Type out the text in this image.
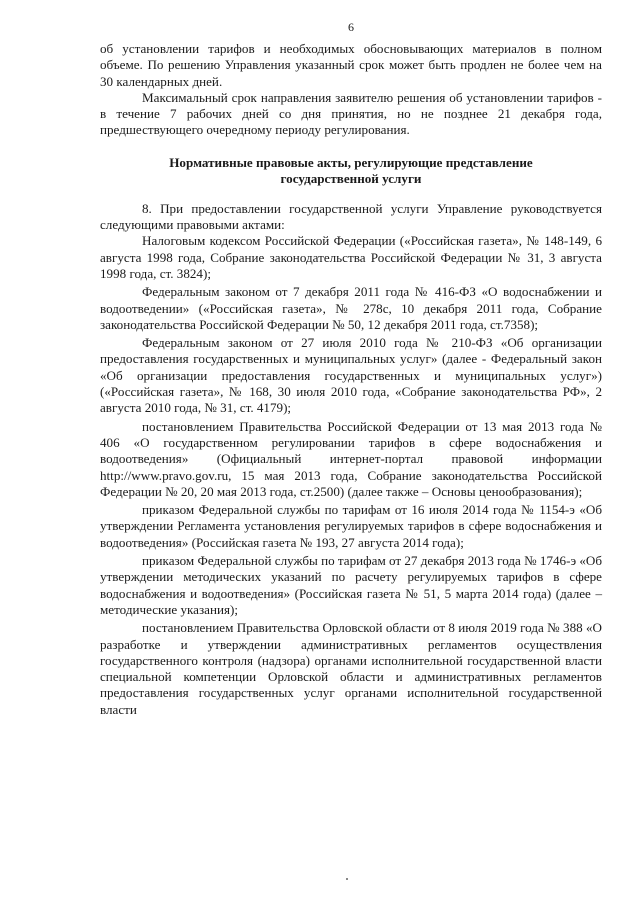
6

об установлении тарифов и необходимых обосновывающих материалов в полном объеме. По решению Управления указанный срок может быть продлен не более чем на 30 календарных дней.

Максимальный срок направления заявителю решения об установлении тарифов - в течение 7 рабочих дней со дня принятия, но не позднее 21 декабря года, предшествующего очередному периоду регулирования.

Нормативные правовые акты, регулирующие представление
государственной услуги

8. При предоставлении государственной услуги Управление руководствуется следующими правовыми актами:

Налоговым кодексом Российской Федерации («Российская газета», № 148-149, 6 августа 1998 года, Собрание законодательства Российской Федерации № 31, 3 августа 1998 года, ст. 3824);

Федеральным законом от 7 декабря 2011 года № 416-ФЗ «О водоснабжении и водоотведении» («Российская газета», № 278с, 10 декабря 2011 года, Собрание законодательства Российской Федерации № 50, 12 декабря 2011 года, ст.7358);

Федеральным законом от 27 июля 2010 года № 210-ФЗ «Об организации предоставления государственных и муниципальных услуг» (далее - Федеральный закон «Об организации предоставления государственных и муниципальных услуг») («Российская газета», № 168, 30 июля 2010 года, «Собрание законодательства РФ», 2 августа 2010 года, № 31, ст. 4179);

постановлением Правительства Российской Федерации от 13 мая 2013 года № 406 «О государственном регулировании тарифов в сфере водоснабжения и водоотведения» (Официальный интернет-портал правовой информации http://www.pravo.gov.ru, 15 мая 2013 года, Собрание законодательства Российской Федерации № 20, 20 мая 2013 года, ст.2500) (далее также – Основы ценообразования);

приказом Федеральной службы по тарифам от 16 июля 2014 года № 1154-э «Об утверждении Регламента установления регулируемых тарифов в сфере водоснабжения и водоотведения» (Российская газета № 193, 27 августа 2014 года);

приказом Федеральной службы по тарифам от 27 декабря 2013 года № 1746-э «Об утверждении методических указаний по расчету регулируемых тарифов в сфере водоснабжения и водоотведения» (Российская газета № 51, 5 марта 2014 года) (далее – методические указания);

постановлением Правительства Орловской области от 8 июля 2019 года № 388 «О разработке и утверждении административных регламентов осуществления государственного контроля (надзора) органами исполнительной государственной власти специальной компетенции Орловской области и административных регламентов предоставления государственных услуг органами исполнительной государственной власти
